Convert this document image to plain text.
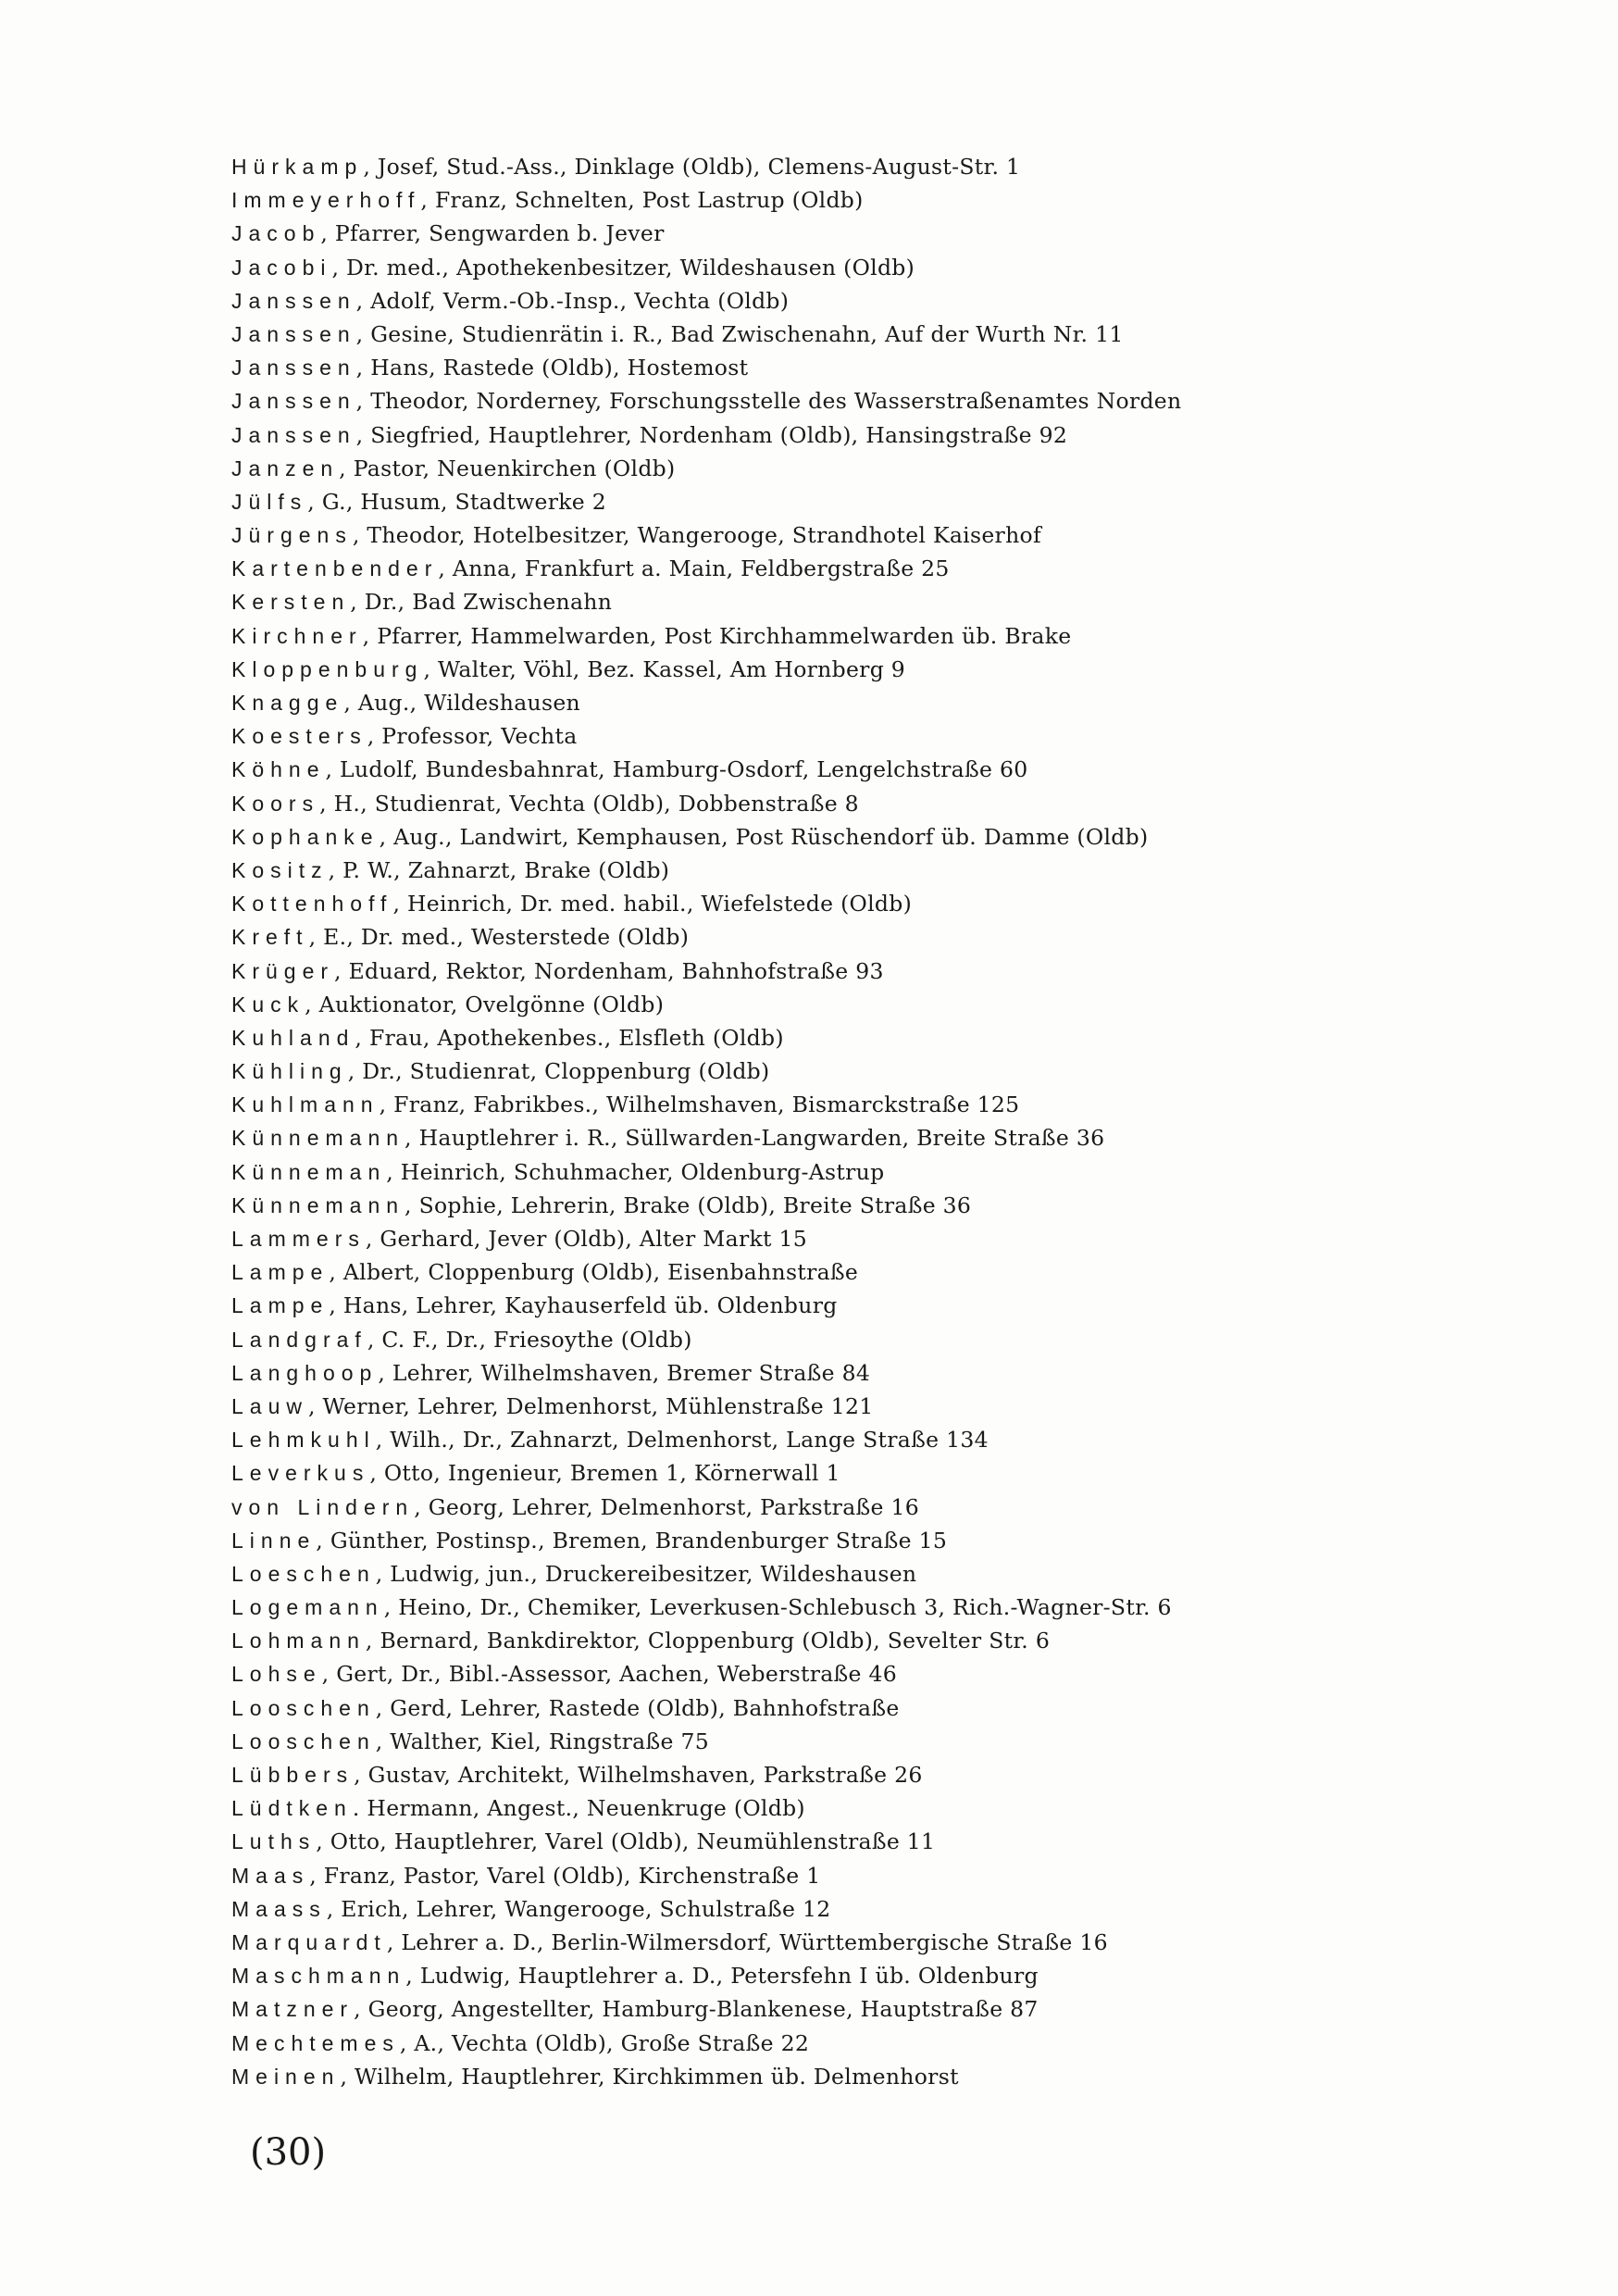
Hürkamp, Josef, Stud.-Ass., Dinklage (Oldb), Clemens-August-Str. 1
Immeyerhoff, Franz, Schnelten, Post Lastrup (Oldb)
Jacob, Pfarrer, Sengwarden b. Jever
Jacobi, Dr. med., Apothekenbesitzer, Wildeshausen (Oldb)
Janssen, Adolf, Verm.-Ob.-Insp., Vechta (Oldb)
Janssen, Gesine, Studienrätin i. R., Bad Zwischenahn, Auf der Wurth Nr. 11
Janssen, Hans, Rastede (Oldb), Hostemost
Janssen, Theodor, Norderney, Forschungsstelle des Wasserstraßenamtes Norden
Janssen, Siegfried, Hauptlehrer, Nordenham (Oldb), Hansingstraße 92
Janzen, Pastor, Neuenkirchen (Oldb)
Jülfs, G., Husum, Stadtwerke 2
Jürgens, Theodor, Hotelbesitzer, Wangerooge, Strandhotel Kaiserhof
Kartenbender, Anna, Frankfurt a. Main, Feldbergstraße 25
Kersten, Dr., Bad Zwischenahn
Kirchner, Pfarrer, Hammelwarden, Post Kirchhammelwarden üb. Brake
Kloppenburg, Walter, Vöhl, Bez. Kassel, Am Hornberg 9
Knagge, Aug., Wildeshausen
Koesters, Professor, Vechta
Köhne, Ludolf, Bundesbahnrat, Hamburg-Osdorf, Lengelchstraße 60
Koors, H., Studienrat, Vechta (Oldb), Dobbenstraße 8
Kophanke, Aug., Landwirt, Kemphausen, Post Rüschendorf üb. Damme (Oldb)
Kositz, P. W., Zahnarzt, Brake (Oldb)
Kottenhoff, Heinrich, Dr. med. habil., Wiefelstede (Oldb)
Kreft, E., Dr. med., Westerstede (Oldb)
Krüger, Eduard, Rektor, Nordenham, Bahnhofstraße 93
Kuck, Auktionator, Ovelgönne (Oldb)
Kuhland, Frau, Apothekenbes., Elsfleth (Oldb)
Kühling, Dr., Studienrat, Cloppenburg (Oldb)
Kuhlmann, Franz, Fabrikbes., Wilhelmshaven, Bismarckstraße 125
Künnemann, Hauptlehrer i. R., Süllwarden-Langwarden, Breite Straße 36
Künneman, Heinrich, Schuhmacher, Oldenburg-Astrup
Künnemann, Sophie, Lehrerin, Brake (Oldb), Breite Straße 36
Lammers, Gerhard, Jever (Oldb), Alter Markt 15
Lampe, Albert, Cloppenburg (Oldb), Eisenbahnstraße
Lampe, Hans, Lehrer, Kayhauserfeld üb. Oldenburg
Landgraf, C. F., Dr., Friesoythe (Oldb)
Langhoop, Lehrer, Wilhelmshaven, Bremer Straße 84
Lauw, Werner, Lehrer, Delmenhorst, Mühlenstraße 121
Lehmkuhl, Wilh., Dr., Zahnarzt, Delmenhorst, Lange Straße 134
Leverkus, Otto, Ingenieur, Bremen 1, Körnerwall 1
von Lindern, Georg, Lehrer, Delmenhorst, Parkstraße 16
Linne, Günther, Postinsp., Bremen, Brandenburger Straße 15
Loeschen, Ludwig, jun., Druckereibesitzer, Wildeshausen
Logemann, Heino, Dr., Chemiker, Leverkusen-Schlebusch 3, Rich.-Wagner-Str. 6
Lohmann, Bernard, Bankdirektor, Cloppenburg (Oldb), Sevelter Str. 6
Lohse, Gert, Dr., Bibl.-Assessor, Aachen, Weberstraße 46
Looschen, Gerd, Lehrer, Rastede (Oldb), Bahnhofstraße
Looschen, Walther, Kiel, Ringstraße 75
Lübbers, Gustav, Architekt, Wilhelmshaven, Parkstraße 26
Lüdtken. Hermann, Angest., Neuenkruge (Oldb)
Luths, Otto, Hauptlehrer, Varel (Oldb), Neumühlenstraße 11
Maas, Franz, Pastor, Varel (Oldb), Kirchenstraße 1
Maass, Erich, Lehrer, Wangerooge, Schulstraße 12
Marquardt, Lehrer a. D., Berlin-Wilmersdorf, Württembergische Straße 16
Maschmann, Ludwig, Hauptlehrer a. D., Petersfehn I üb. Oldenburg
Matzner, Georg, Angestellter, Hamburg-Blankenese, Hauptstraße 87
Mechtemes, A., Vechta (Oldb), Große Straße 22
Meinen, Wilhelm, Hauptlehrer, Kirchkimmen üb. Delmenhorst
(30)
